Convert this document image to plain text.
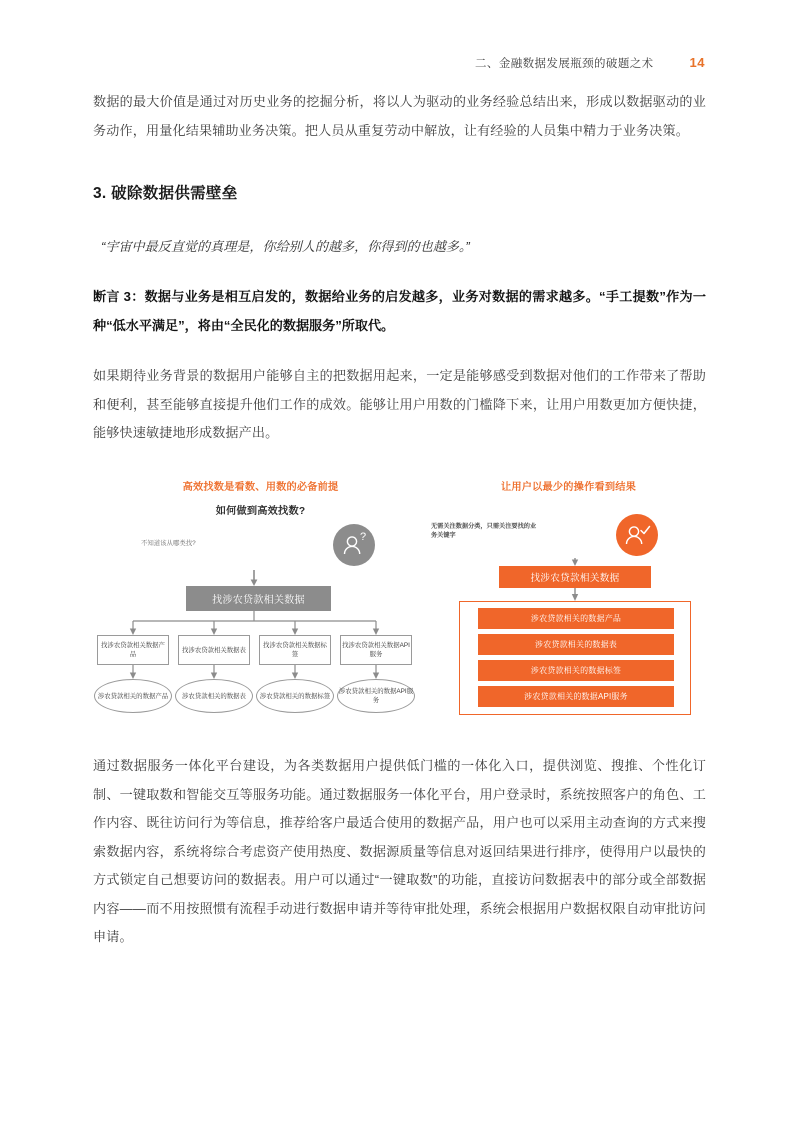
二、金融数据发展瓶颈的破题之术	14

数据的最大价值是通过对历史业务的挖掘分析，将以人为驱动的业务经验总结出来，形成以数据驱动的业务动作，用量化结果辅助业务决策。把人员从重复劳动中解放，让有经验的人员集中精力于业务决策。

3. 破除数据供需壁垒

“宇宙中最反直觉的真理是，你给别人的越多，你得到的也越多。”

断言 3：数据与业务是相互启发的，数据给业务的启发越多，业务对数据的需求越多。“手工提数”作为一种“低水平满足”，将由“全民化的数据服务”所取代。

如果期待业务背景的数据用户能够自主的把数据用起来，一定是能够感受到数据对他们的工作带来了帮助和便利，甚至能够直接提升他们工作的成效。能够让用户用数的门槛降下来，让用户用数更加方便快捷，能够快速敏捷地形成数据产出。

高效找数是看数、用数的必备前提
如何做到高效找数?
不知道该从哪类找?
?
找涉农贷款相关数据
找涉农贷款相关数据产品
找涉农贷款相关数据表
找涉农贷款相关数据标签
找涉农贷款相关数据API服务
涉农贷款相关的数据产品	涉农贷款相关的数据表	涉农贷款相关的数据标签
涉农贷款相关的数据API服务
让用户以最少的操作看到结果
无需关注数据分类，只需关注要找的业务关键字
找涉农贷款相关数据
涉农贷款相关的数据产品
涉农贷款相关的数据表
涉农贷款相关的数据标签
涉农贷款相关的数据API服务

通过数据服务一体化平台建设，为各类数据用户提供低门槛的一体化入口，提供浏览、搜推、个性化订制、一键取数和智能交互等服务功能。通过数据服务一体化平台，用户登录时，系统按照客户的角色、工作内容、既往访问行为等信息，推荐给客户最适合使用的数据产品，用户也可以采用主动查询的方式来搜索数据内容，系统将综合考虑资产使用热度、数据源质量等信息对返回结果进行排序，使得用户以最快的方式锁定自己想要访问的数据表。用户可以通过“一键取数”的功能，直接访问数据表中的部分或全部数据内容——而不用按照惯有流程手动进行数据申请并等待审批处理，系统会根据用户数据权限自动审批访问申请。
